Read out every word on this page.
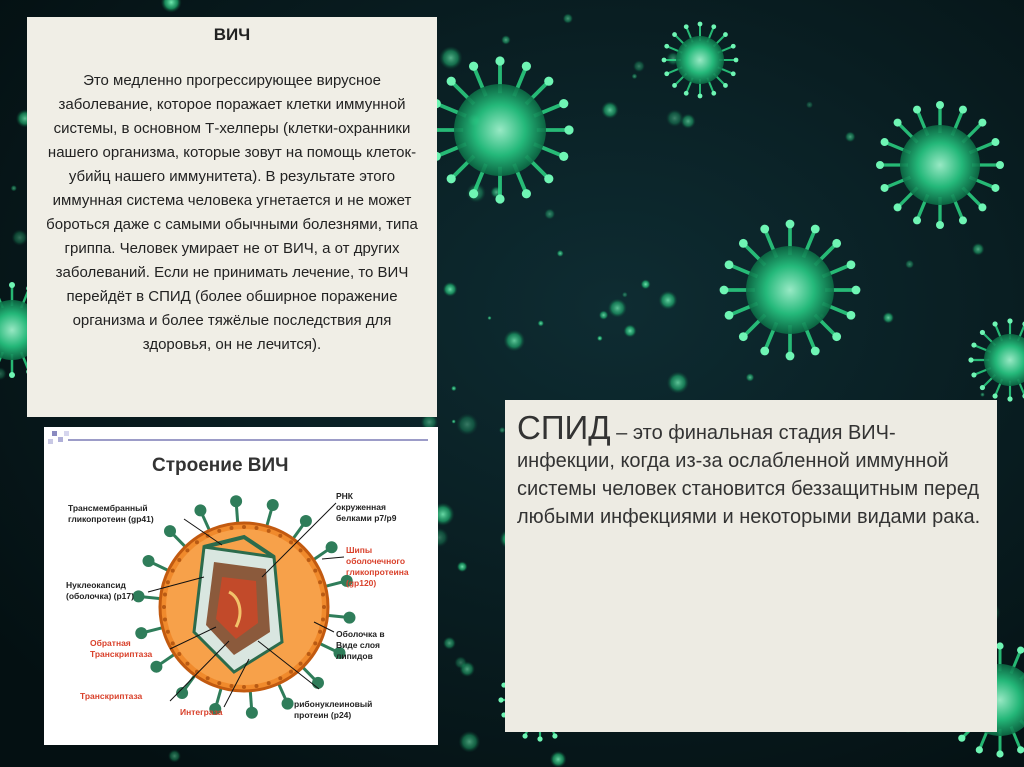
ВИЧ
Это медленно прогрессирующее вирусное заболевание, которое поражает клетки иммунной системы, в основном Т-хелперы (клетки-охранники нашего организма, которые зовут на помощь клеток-убийц нашего иммунитета). В результате этого иммунная система человека угнетается и не может бороться даже с самыми обычными болезнями, типа гриппа. Человек умирает не от ВИЧ, а от других заболеваний. Если не принимать лечение, то ВИЧ перейдёт в СПИД (более обширное поражение организма и более тяжёлые последствия для здоровья, он не лечится).
Строение ВИЧ
Трансмембранный
гликопротеин (gp41)
Нуклеокапсид
(оболочка) (p17)
Обратная
Транскриптаза
Транскриптаза
Интеграза
РНК
окруженная
белками p7/p9
Шипы
оболочечного
гликопротеина
(gp120)
Оболочка в
Виде слоя
липидов
рибонуклеиновый
протеин (p24)
СПИД – это финальная стадия ВИЧ-инфекции, когда из-за ослабленной иммунной системы человек становится беззащитным перед любыми инфекциями и некоторыми видами рака.
